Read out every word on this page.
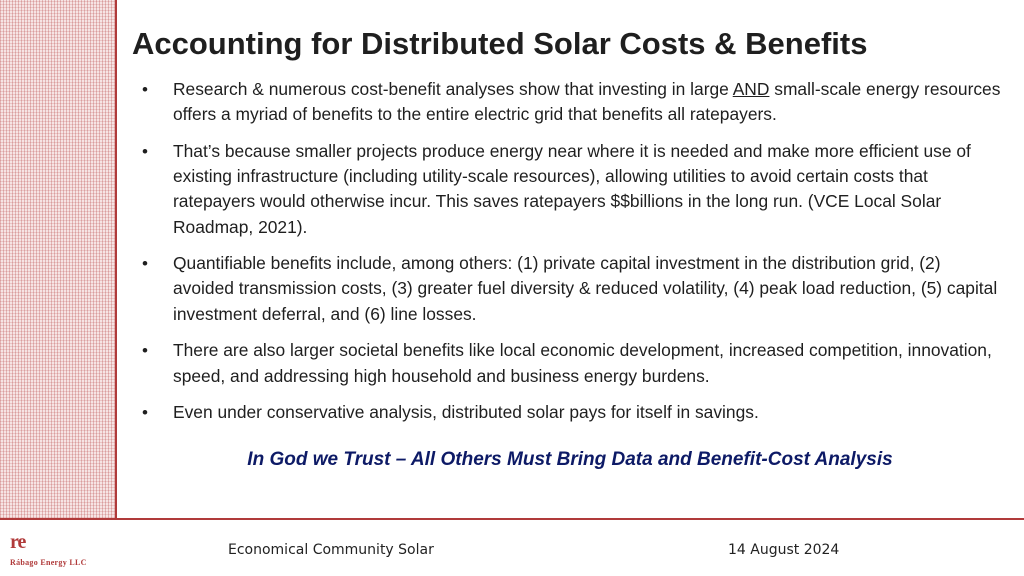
Accounting for Distributed Solar Costs & Benefits
• Research & numerous cost-benefit analyses show that investing in large AND small-scale energy resources offers a myriad of benefits to the entire electric grid that benefits all ratepayers.
• That’s because smaller projects produce energy near where it is needed and make more efficient use of existing infrastructure (including utility-scale resources), allowing utilities to avoid certain costs that ratepayers would otherwise incur. This saves ratepayers $$billions in the long run. (VCE Local Solar Roadmap, 2021).
• Quantifiable benefits include, among others: (1) private capital investment in the distribution grid, (2) avoided transmission costs, (3) greater fuel diversity & reduced volatility, (4) peak load reduction, (5) capital investment deferral, and (6) line losses.
• There are also larger societal benefits like local economic development, increased competition, innovation, speed, and addressing high household and business energy burdens.
• Even under conservative analysis, distributed solar pays for itself in savings.

In God we Trust – All Others Must Bring Data and Benefit-Cost Analysis

re
Rábago Energy LLC
Economical Community Solar	14 August 2024
